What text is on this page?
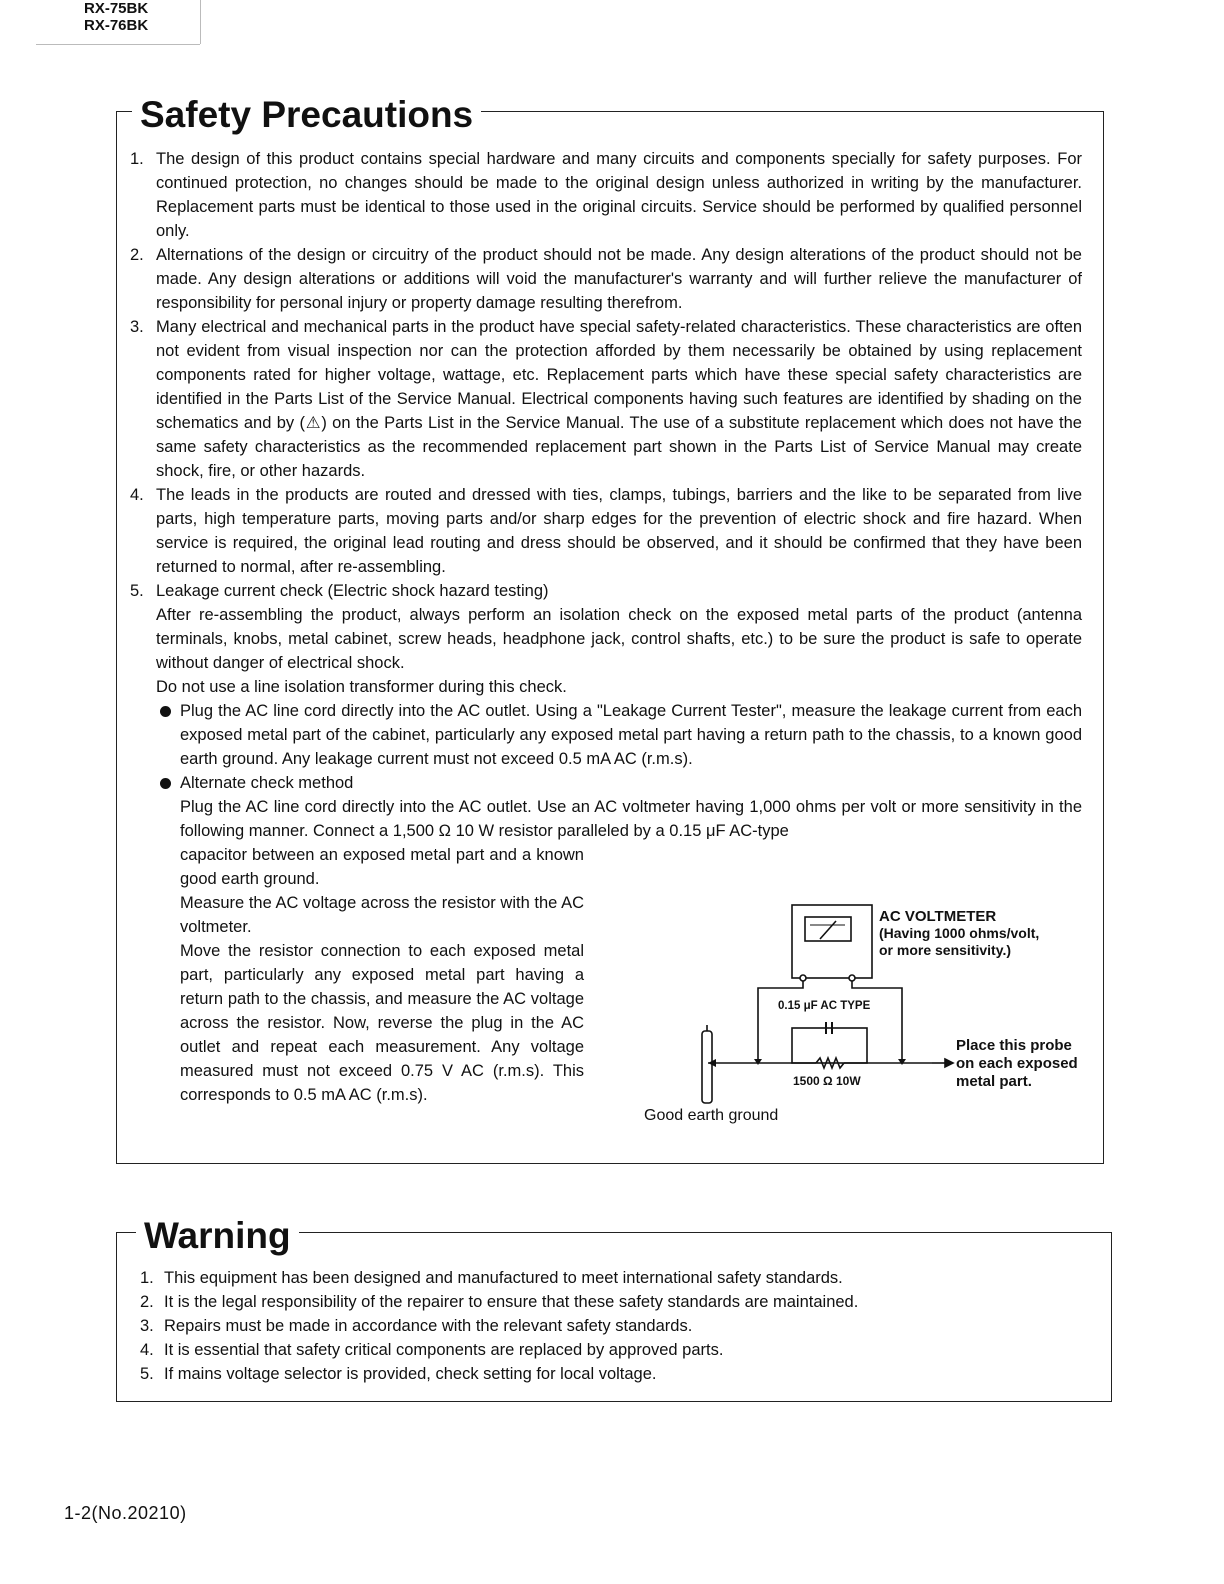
RX-75BK
RX-76BK
Safety Precautions
1. The design of this product contains special hardware and many circuits and components specially for safety purposes. For continued protection, no changes should be made to the original design unless authorized in writing by the manufacturer. Replacement parts must be identical to those used in the original circuits. Service should be performed by qualified personnel only.
2. Alternations of the design or circuitry of the product should not be made. Any design alterations of the product should not be made. Any design alterations or additions will void the manufacturer's warranty and will further relieve the manufacturer of responsibility for personal injury or property damage resulting therefrom.
3. Many electrical and mechanical parts in the product have special safety-related characteristics. These characteristics are often not evident from visual inspection nor can the protection afforded by them necessarily be obtained by using replacement components rated for higher voltage, wattage, etc. Replacement parts which have these special safety characteristics are identified in the Parts List of the Service Manual. Electrical components having such features are identified by shading on the schematics and by (⚠) on the Parts List in the Service Manual. The use of a substitute replacement which does not have the same safety characteristics as the recommended replacement part shown in the Parts List of Service Manual may create shock, fire, or other hazards.
4. The leads in the products are routed and dressed with ties, clamps, tubings, barriers and the like to be separated from live parts, high temperature parts, moving parts and/or sharp edges for the prevention of electric shock and fire hazard. When service is required, the original lead routing and dress should be observed, and it should be confirmed that they have been returned to normal, after re-assembling.
5. Leakage current check (Electric shock hazard testing)
After re-assembling the product, always perform an isolation check on the exposed metal parts of the product (antenna terminals, knobs, metal cabinet, screw heads, headphone jack, control shafts, etc.) to be sure the product is safe to operate without danger of electrical shock.
Do not use a line isolation transformer during this check.
Plug the AC line cord directly into the AC outlet. Using a "Leakage Current Tester", measure the leakage current from each exposed metal part of the cabinet, particularly any exposed metal part having a return path to the chassis, to a known good earth ground. Any leakage current must not exceed 0.5 mA AC (r.m.s).
Alternate check method
Plug the AC line cord directly into the AC outlet. Use an AC voltmeter having 1,000 ohms per volt or more sensitivity in the following manner. Connect a 1,500 Ω 10 W resistor paralleled by a 0.15 μF AC-type
capacitor between an exposed metal part and a known good earth ground.
Measure the AC voltage across the resistor with the AC voltmeter.
Move the resistor connection to each exposed metal part, particularly any exposed metal part having a return path to the chassis, and measure the AC voltage across the resistor. Now, reverse the plug in the AC outlet and repeat each measurement. Any voltage measured must not exceed 0.75 V AC (r.m.s). This corresponds to 0.5 mA AC (r.m.s).
AC VOLTMETER
(Having 1000 ohms/volt,
or more sensitivity.)
0.15 μF AC TYPE
1500 Ω 10W
Place this probe
on each exposed
metal part.
Good earth ground
Warning
1. This equipment has been designed and manufactured to meet international safety standards.
2. It is the legal responsibility of the repairer to ensure that these safety standards are maintained.
3. Repairs must be made in accordance with the relevant safety standards.
4. It is essential that safety critical components are replaced by approved parts.
5. If mains voltage selector is provided, check setting for local voltage.
1-2(No.20210)
